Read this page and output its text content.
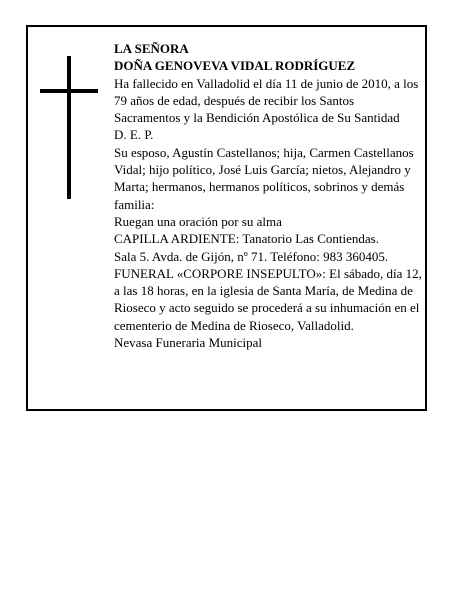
LA SEÑORA

DOÑA GENOVEVA VIDAL RODRÍGUEZ

Ha fallecido en Valladolid el día 11 de junio de 2010, a los 79 años de edad, después de recibir los Santos Sacramentos y la Bendición Apostólica de Su Santidad

D. E. P.

Su esposo, Agustín Castellanos; hija, Carmen Castellanos Vidal; hijo político, José Luis García; nietos, Alejandro y Marta; hermanos, hermanos políticos, sobrinos y demás familia:

Ruegan una oración por su alma

CAPILLA ARDIENTE: Tanatorio Las Contiendas.

Sala 5. Avda. de Gijón, nº 71. Teléfono: 983 360405.

FUNERAL «CORPORE INSEPULTO»: El sábado, día 12, a las 18 horas, en la iglesia de Santa María, de Medina de Rioseco y acto seguido se procederá a su inhumación en el cementerio de Medina de Rioseco, Valladolid.

Nevasa Funeraria Municipal
